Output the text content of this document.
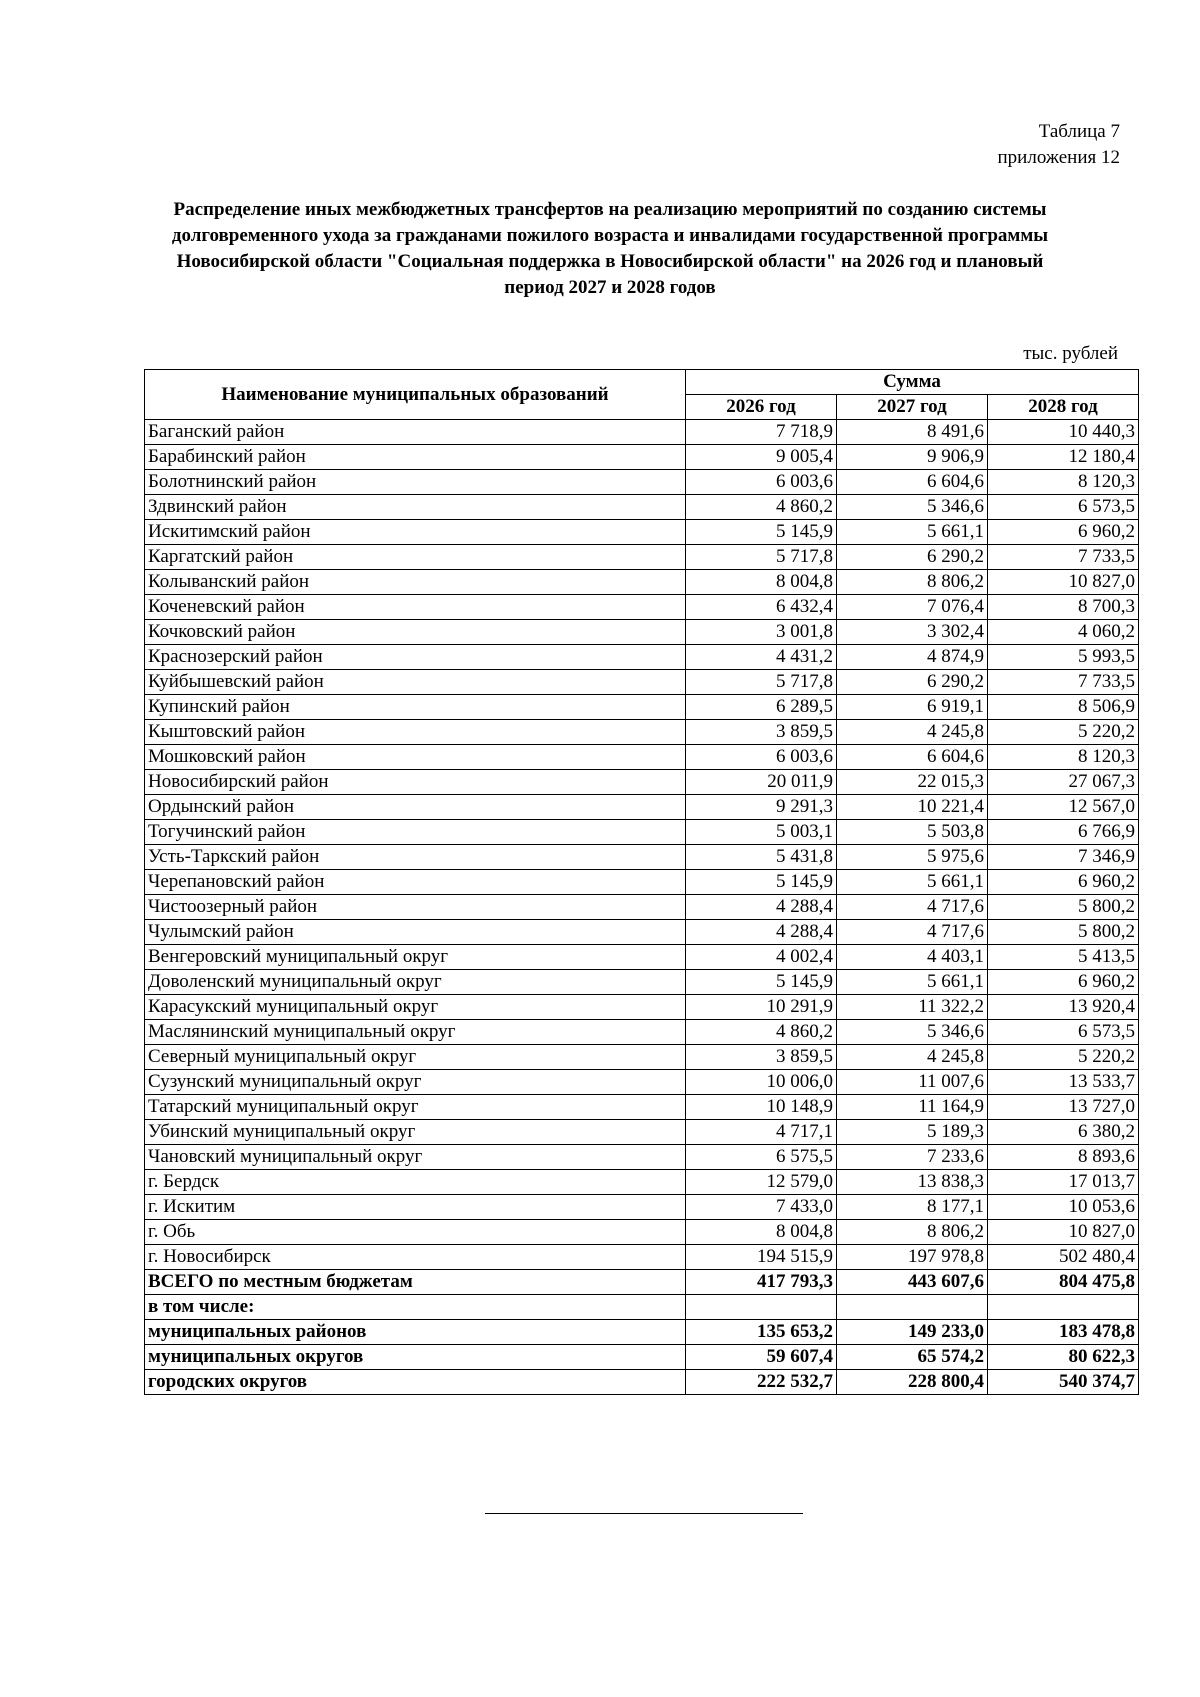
Таблица 7
приложения 12
Распределение иных межбюджетных трансфертов на реализацию мероприятий по созданию системы долговременного ухода за гражданами пожилого возраста и инвалидами государственной программы Новосибирской области "Социальная поддержка в Новосибирской области" на 2026 год и плановый период 2027 и 2028 годов
тыс. рублей
Наименование муниципальных образований	Сумма		
	2026 год	2027 год	2028 год
Баганский район	7 718,9	8 491,6	10 440,3
Барабинский район	9 005,4	9 906,9	12 180,4
Болотнинский район	6 003,6	6 604,6	8 120,3
Здвинский район	4 860,2	5 346,6	6 573,5
Искитимский район	5 145,9	5 661,1	6 960,2
Каргатский район	5 717,8	6 290,2	7 733,5
Колыванский район	8 004,8	8 806,2	10 827,0
Коченевский район	6 432,4	7 076,4	8 700,3
Кочковский район	3 001,8	3 302,4	4 060,2
Краснозерский район	4 431,2	4 874,9	5 993,5
Куйбышевский район	5 717,8	6 290,2	7 733,5
Купинский район	6 289,5	6 919,1	8 506,9
Кыштовский район	3 859,5	4 245,8	5 220,2
Мошковский район	6 003,6	6 604,6	8 120,3
Новосибирский район	20 011,9	22 015,3	27 067,3
Ордынский район	9 291,3	10 221,4	12 567,0
Тогучинский район	5 003,1	5 503,8	6 766,9
Усть-Таркский район	5 431,8	5 975,6	7 346,9
Черепановский район	5 145,9	5 661,1	6 960,2
Чистоозерный район	4 288,4	4 717,6	5 800,2
Чулымский район	4 288,4	4 717,6	5 800,2
Венгеровский муниципальный округ	4 002,4	4 403,1	5 413,5
Доволенский муниципальный округ	5 145,9	5 661,1	6 960,2
Карасукский муниципальный округ	10 291,9	11 322,2	13 920,4
Маслянинский муниципальный округ	4 860,2	5 346,6	6 573,5
Северный муниципальный округ	3 859,5	4 245,8	5 220,2
Сузунский муниципальный округ	10 006,0	11 007,6	13 533,7
Татарский муниципальный округ	10 148,9	11 164,9	13 727,0
Убинский муниципальный округ	4 717,1	5 189,3	6 380,2
Чановский муниципальный округ	6 575,5	7 233,6	8 893,6
г. Бердск	12 579,0	13 838,3	17 013,7
г. Искитим	7 433,0	8 177,1	10 053,6
г. Обь	8 004,8	8 806,2	10 827,0
г. Новосибирск	194 515,9	197 978,8	502 480,4
ВСЕГО по местным бюджетам	417 793,3	443 607,6	804 475,8
в том числе:			
муниципальных районов	135 653,2	149 233,0	183 478,8
муниципальных округов	59 607,4	65 574,2	80 622,3
городских округов	222 532,7	228 800,4	540 374,7
